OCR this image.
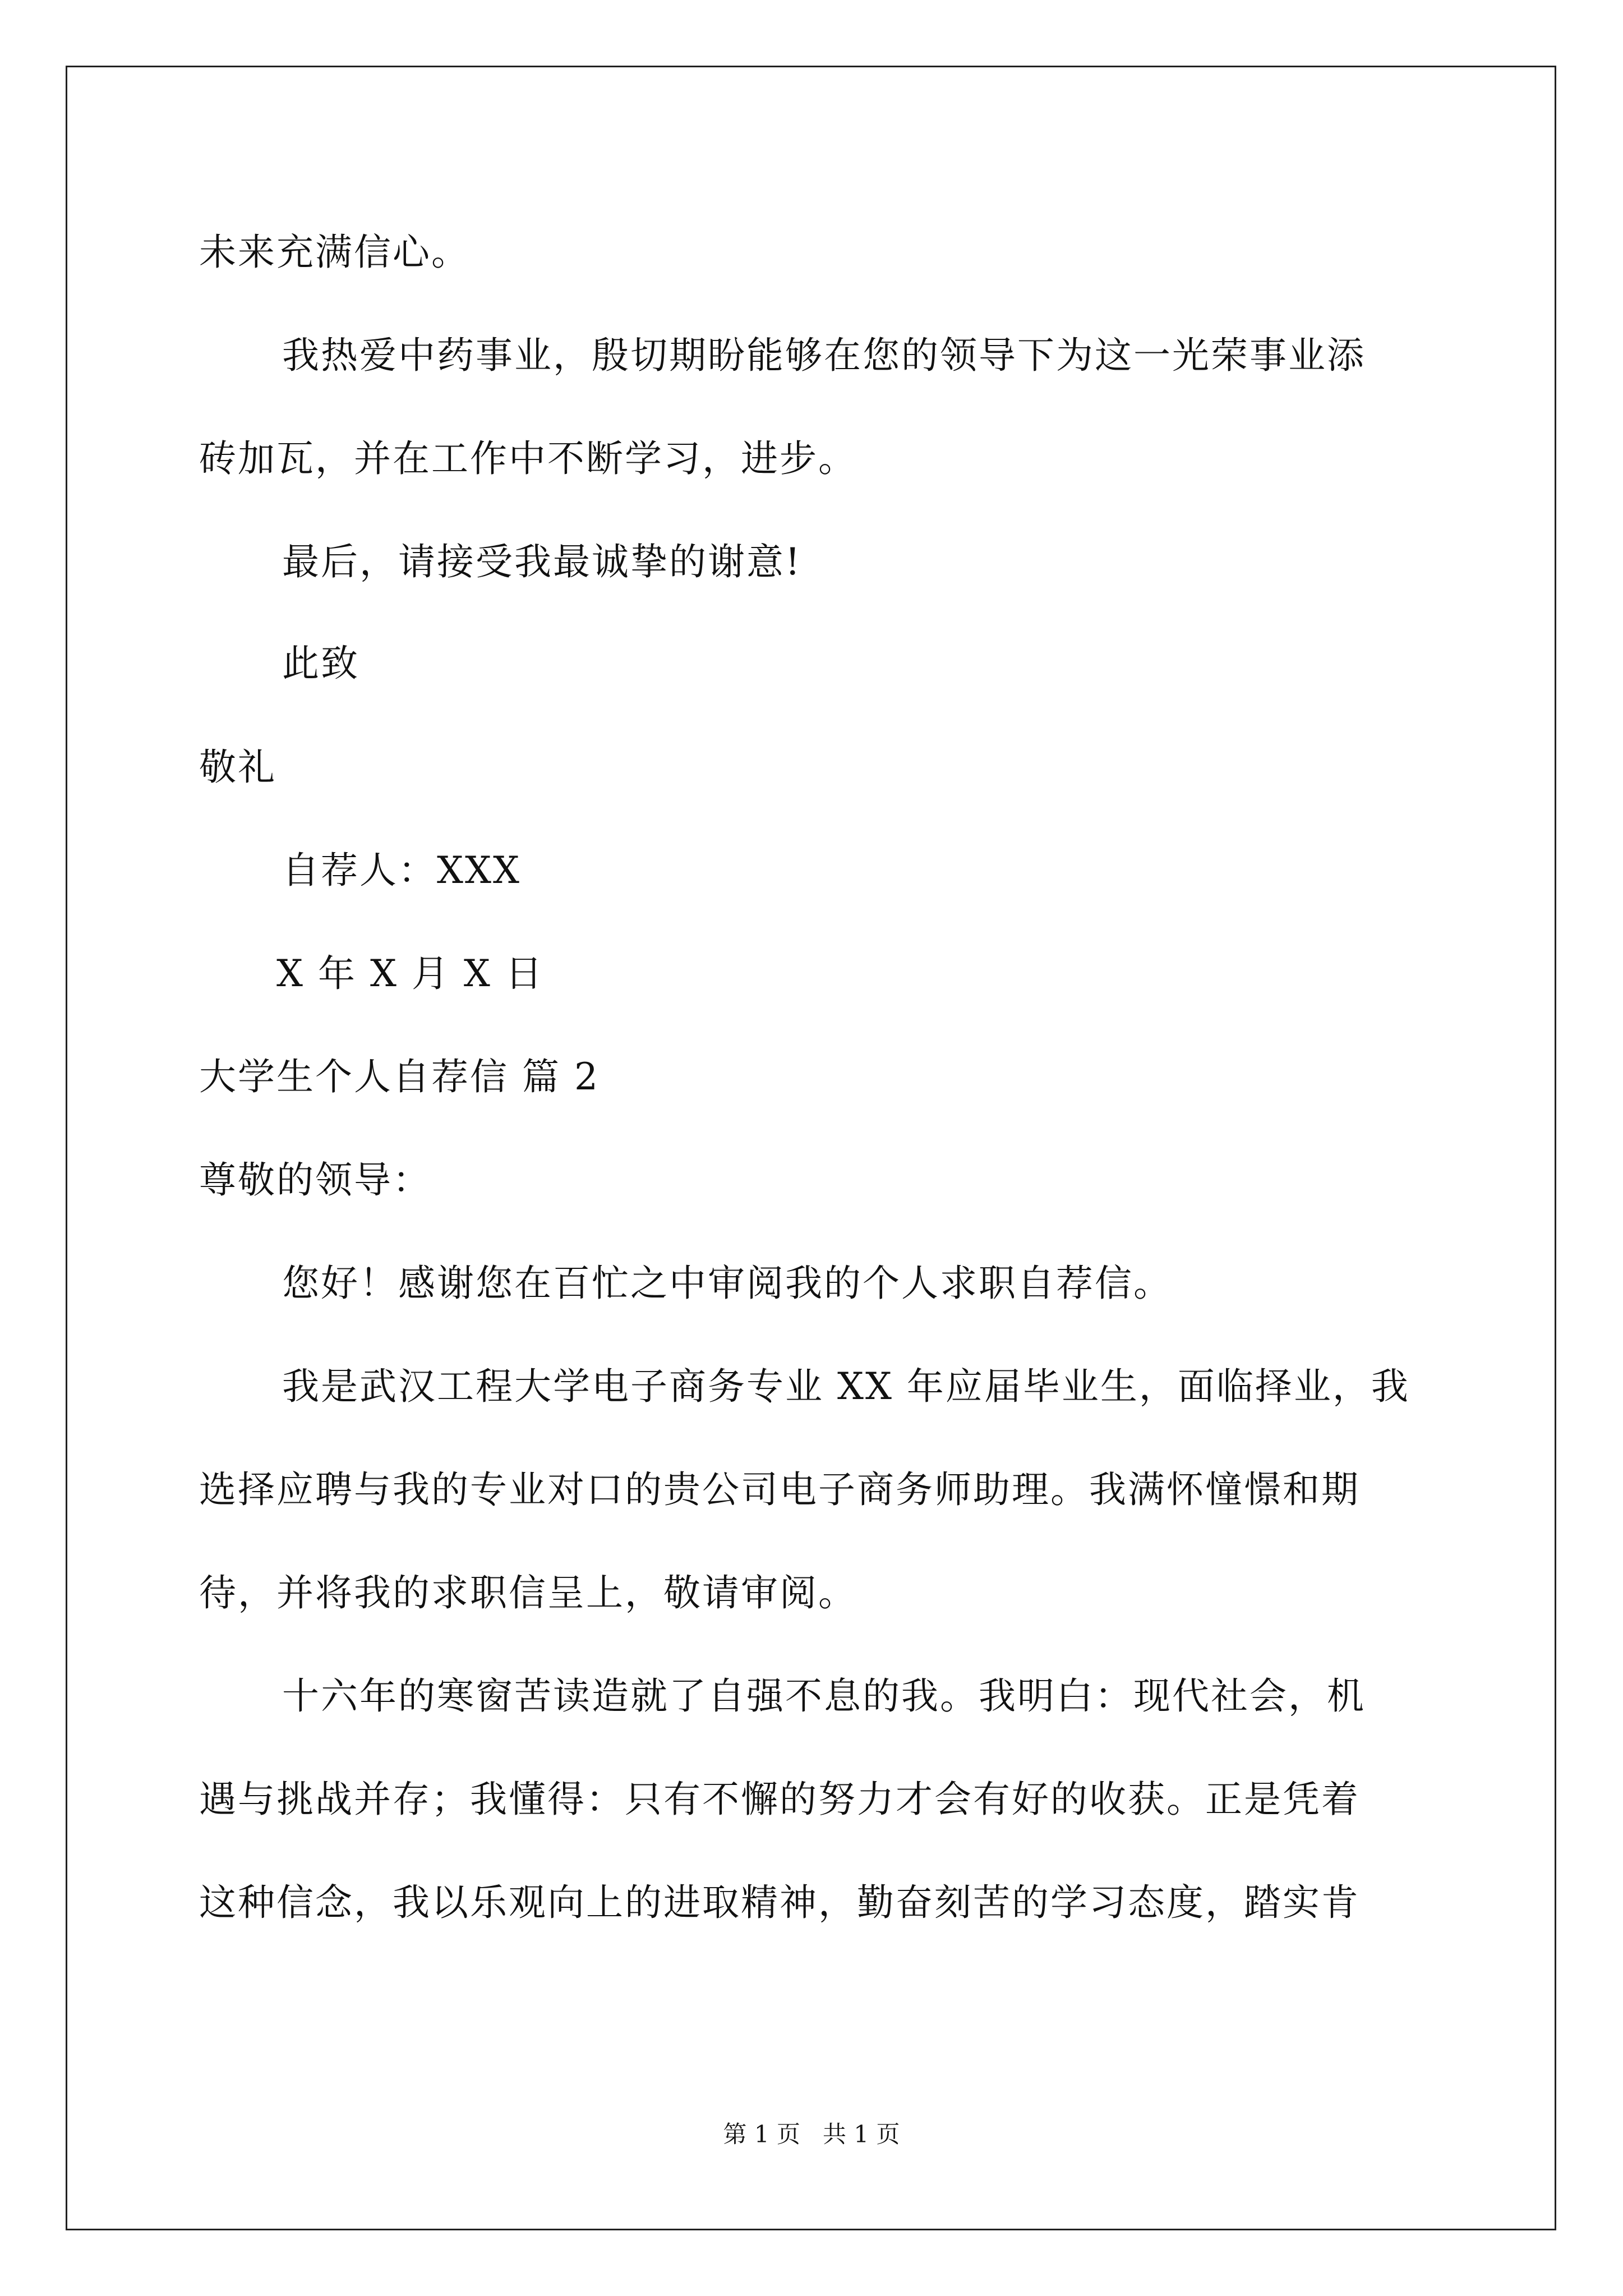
未来充满信心。
我热爱中药事业，殷切期盼能够在您的领导下为这一光荣事业添
砖加瓦，并在工作中不断学习，进步。
最后，请接受我最诚挚的谢意!
此致
敬礼
自荐人：XXX
X 年 X 月 X 日
大学生个人自荐信 篇 2
尊敬的领导：
您好！感谢您在百忙之中审阅我的个人求职自荐信。
我是武汉工程大学电子商务专业 XX 年应届毕业生，面临择业，我
选择应聘与我的专业对口的贵公司电子商务师助理。我满怀憧憬和期
待，并将我的求职信呈上，敬请审阅。
十六年的寒窗苦读造就了自强不息的我。我明白：现代社会，机
遇与挑战并存；我懂得：只有不懈的努力才会有好的收获。正是凭着
这种信念，我以乐观向上的进取精神，勤奋刻苦的学习态度，踏实肯
第 1 页   共 1 页
